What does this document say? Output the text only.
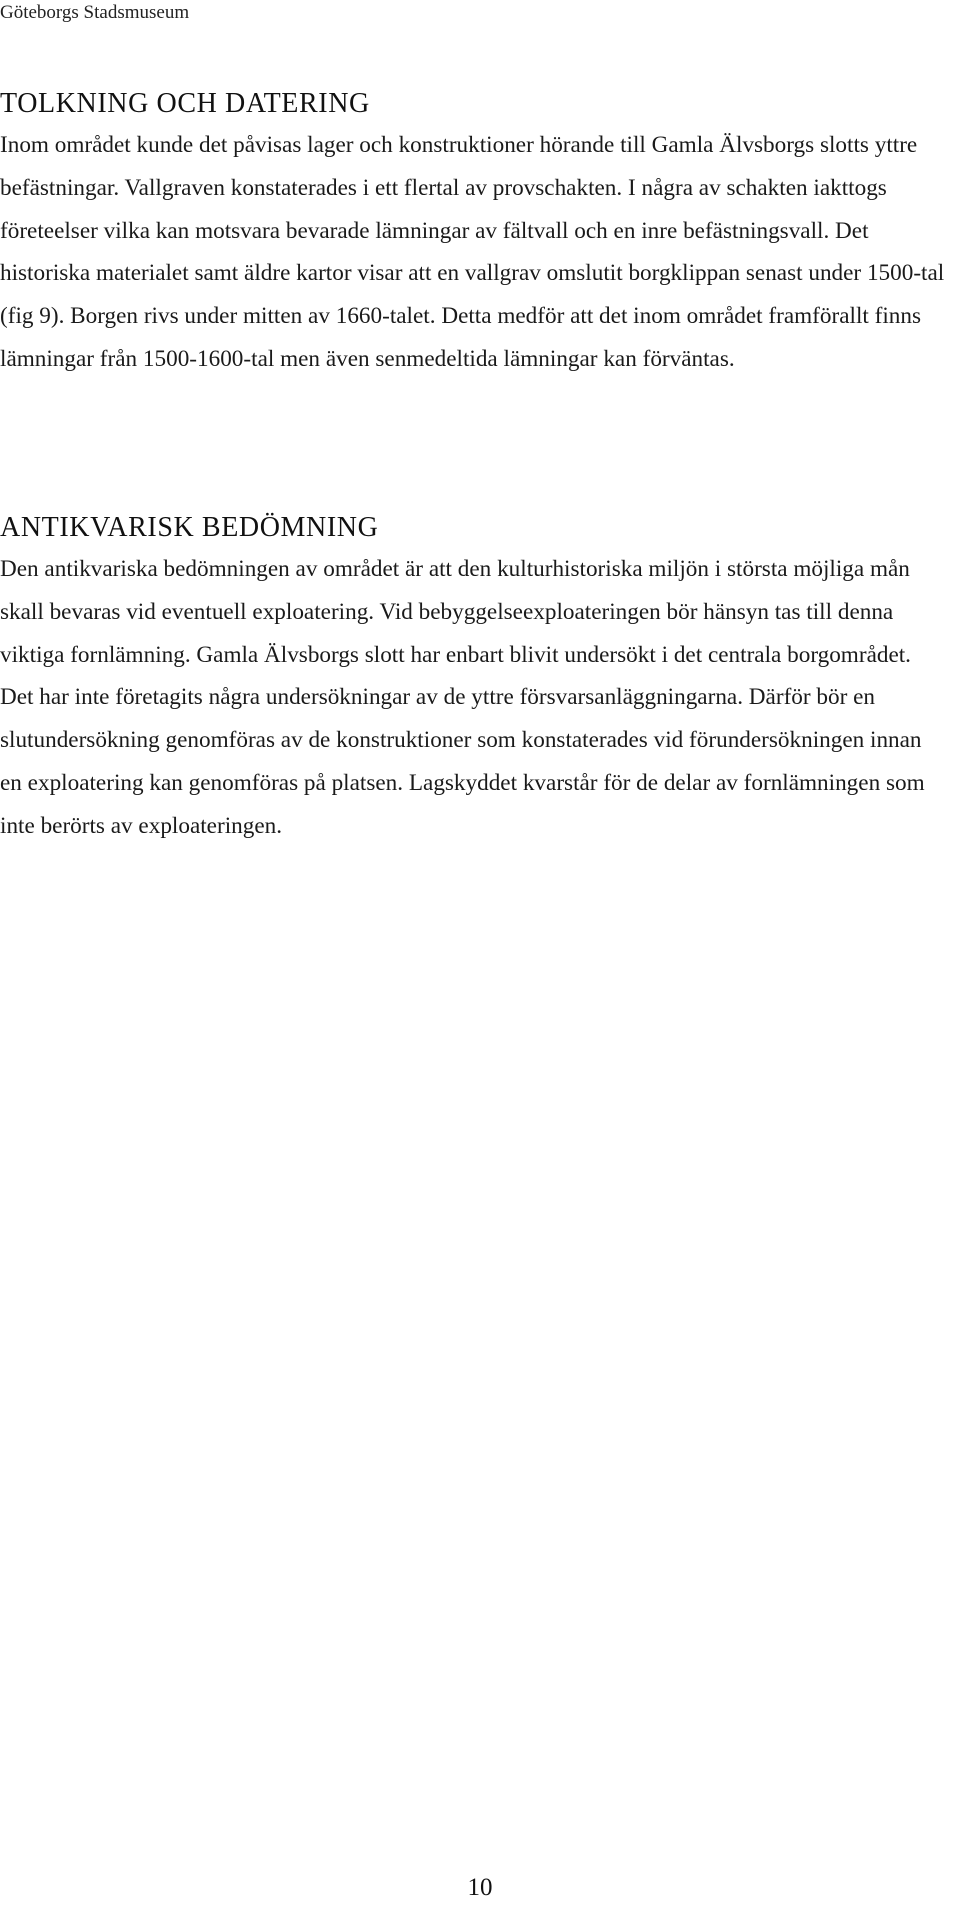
Göteborgs Stadsmuseum
TOLKNING OCH DATERING

Inom området kunde det påvisas lager och konstruktioner hörande till Gamla Älvsborgs slotts yttre befästningar. Vallgraven konstaterades i ett flertal av provschakten. I några av schakten iakttogs företeelser vilka kan motsvara bevarade lämningar av fältvall och en inre befästningsvall. Det historiska materialet samt äldre kartor visar att en vallgrav omslutit borgklippan senast under 1500-tal (fig 9). Borgen rivs under mitten av 1660-talet. Detta medför att det inom området framförallt finns lämningar från 1500-1600-tal men även senmedeltida lämningar kan förväntas.

ANTIKVARISK BEDÖMNING

Den antikvariska bedömningen av området är att den kulturhistoriska miljön i största möjliga mån skall bevaras vid eventuell exploatering. Vid bebyggelseexploateringen bör hänsyn tas till denna viktiga fornlämning. Gamla Älvsborgs slott har enbart blivit undersökt i det centrala borgområdet. Det har inte företagits några undersökningar av de yttre försvarsanläggningarna. Därför bör en slutundersökning genomföras av de konstruktioner som konstaterades vid förundersökningen innan en exploatering kan genomföras på platsen. Lagskyddet kvarstår för de delar av fornlämningen som inte berörts av exploateringen.

10
